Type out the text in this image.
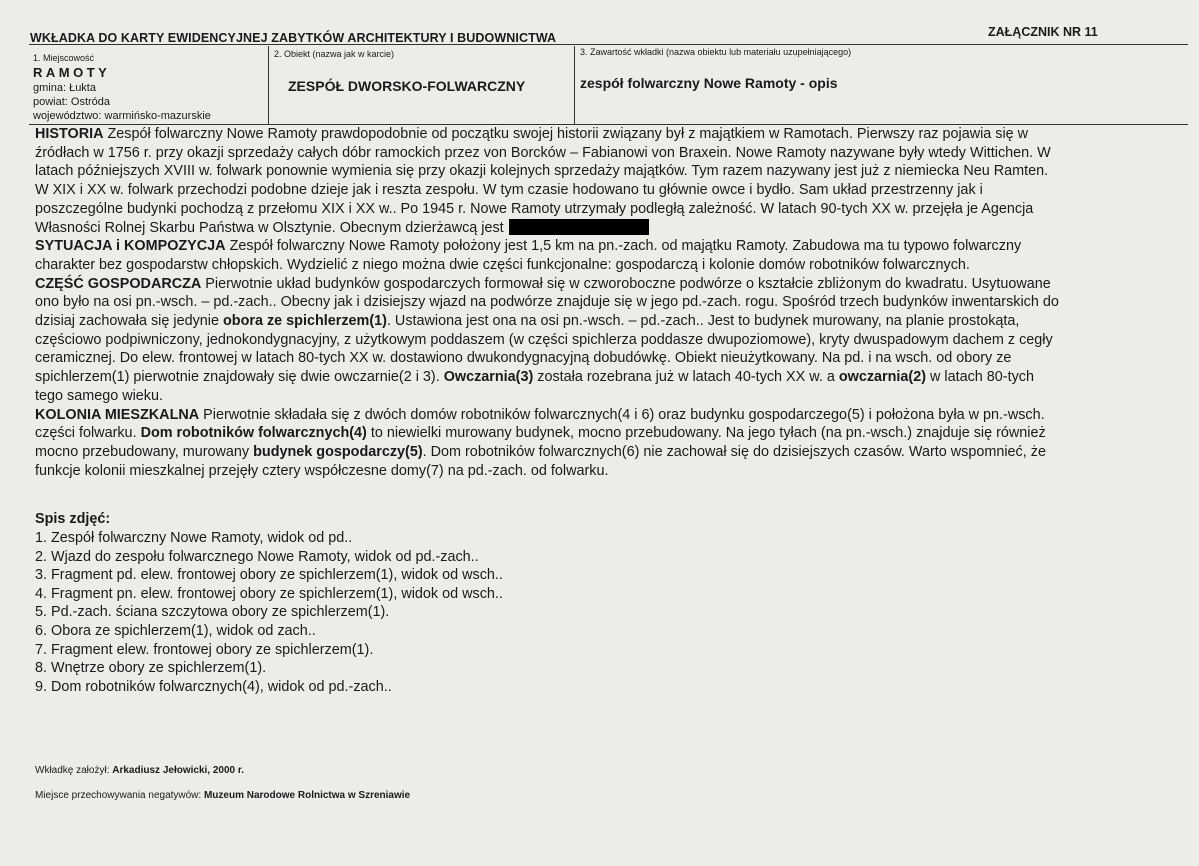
WKŁADKA DO KARTY EWIDENCYJNEJ ZABYTKÓW ARCHITEKTURY I BUDOWNICTWA	ZAŁĄCZNIK NR 11
1. Miejscowość
RAMOTY
gmina: Łukta
powiat: Ostróda
województwo: warmińsko-mazurskie
2. Obiekt (nazwa jak w karcie)
ZESPÓŁ DWORSKO-FOLWARCZNY
3. Zawartość wkładki (nazwa obiektu lub materiału uzupełniającego)
zespół folwarczny Nowe Ramoty - opis
HISTORIA Zespół folwarczny Nowe Ramoty prawdopodobnie od początku swojej historii związany był z majątkiem w Ramotach. Pierwszy raz pojawia się w
źródłach w 1756 r. przy okazji sprzedaży całych dóbr ramockich przez von Borcków – Fabianowi von Braxein. Nowe Ramoty nazywane były wtedy Wittichen. W
latach późniejszych XVIII w. folwark ponownie wymienia się przy okazji kolejnych sprzedaży majątków. Tym razem nazywany jest już z niemiecka Neu Ramten.
W XIX i XX w. folwark przechodzi podobne dzieje jak i reszta zespołu. W tym czasie hodowano tu głównie owce i bydło. Sam układ przestrzenny jak i
poszczególne budynki pochodzą z przełomu XIX i XX w.. Po 1945 r. Nowe Ramoty utrzymały podległą zależność. W latach 90-tych XX w. przejęła je Agencja
Własności Rolnej Skarbu Państwa w Olsztynie. Obecnym dzierżawcą jest
SYTUACJA i KOMPOZYCJA Zespół folwarczny Nowe Ramoty położony jest 1,5 km na pn.-zach. od majątku Ramoty. Zabudowa ma tu typowo folwarczny
charakter bez gospodarstw chłopskich. Wydzielić z niego można dwie części funkcjonalne: gospodarczą i kolonie domów robotników folwarcznych.
CZĘŚĆ GOSPODARCZA Pierwotnie układ budynków gospodarczych formował się w czworoboczne podwórze o kształcie zbliżonym do kwadratu. Usytuowane
ono było na osi pn.-wsch. – pd.-zach.. Obecny jak i dzisiejszy wjazd na podwórze znajduje się w jego pd.-zach. rogu. Spośród trzech budynków inwentarskich do
dzisiaj zachowała się jedynie obora ze spichlerzem(1). Ustawiona jest ona na osi pn.-wsch. – pd.-zach.. Jest to budynek murowany, na planie prostokąta,
częściowo podpiwniczony, jednokondygnacyjny, z użytkowym poddaszem (w części spichlerza poddasze dwupoziomowe), kryty dwuspadowym dachem z cegły
ceramicznej. Do elew. frontowej w latach 80-tych XX w. dostawiono dwukondygnacyjną dobudówkę. Obiekt nieużytkowany. Na pd. i na wsch. od obory ze
spichlerzem(1) pierwotnie znajdowały się dwie owczarnie(2 i 3). Owczarnia(3) została rozebrana już w latach 40-tych XX w. a owczarnia(2) w latach 80-tych
tego samego wieku.
KOLONIA MIESZKALNA Pierwotnie składała się z dwóch domów robotników folwarcznych(4 i 6) oraz budynku gospodarczego(5) i położona była w pn.-wsch.
części folwarku. Dom robotników folwarcznych(4) to niewielki murowany budynek, mocno przebudowany. Na jego tyłach (na pn.-wsch.) znajduje się również
mocno przebudowany, murowany budynek gospodarczy(5). Dom robotników folwarcznych(6) nie zachował się do dzisiejszych czasów. Warto wspomnieć, że
funkcje kolonii mieszkalnej przejęły cztery współczesne domy(7) na pd.-zach. od folwarku.
Spis zdjęć:
1. Zespół folwarczny Nowe Ramoty, widok od pd..
2. Wjazd do zespołu folwarcznego Nowe Ramoty, widok od pd.-zach..
3. Fragment pd. elew. frontowej obory ze spichlerzem(1), widok od wsch..
4. Fragment pn. elew. frontowej obory ze spichlerzem(1), widok od wsch..
5. Pd.-zach. ściana szczytowa obory ze spichlerzem(1).
6. Obora ze spichlerzem(1), widok od zach..
7. Fragment elew. frontowej obory ze spichlerzem(1).
8. Wnętrze obory ze spichlerzem(1).
9. Dom robotników folwarcznych(4), widok od pd.-zach..
Wkładkę założył: Arkadiusz Jełowicki, 2000 r.
Miejsce przechowywania negatywów: Muzeum Narodowe Rolnictwa w Szreniawie
